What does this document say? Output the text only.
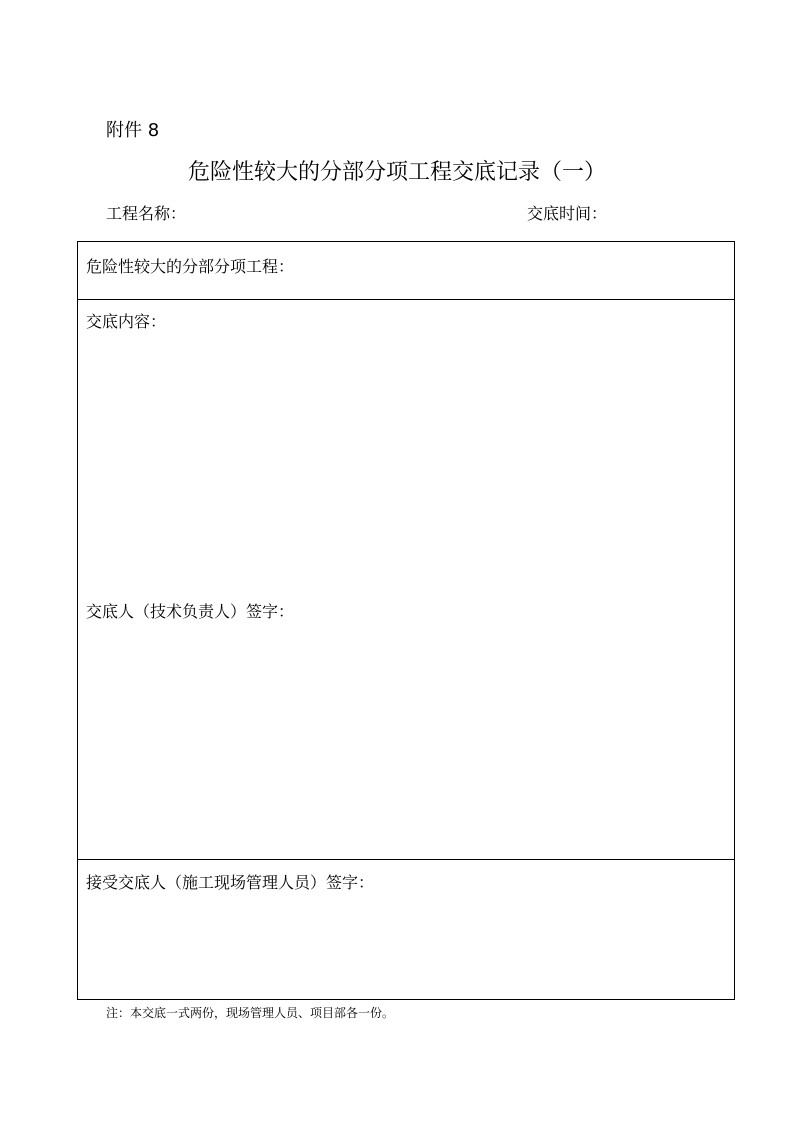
附件 8
危险性较大的分部分项工程交底记录（一）
工程名称：	交底时间：
危险性较大的分部分项工程：
交底内容：
交底人（技术负责人）签字：
接受交底人（施工现场管理人员）签字：
注：本交底一式两份，现场管理人员、项目部各一份。
